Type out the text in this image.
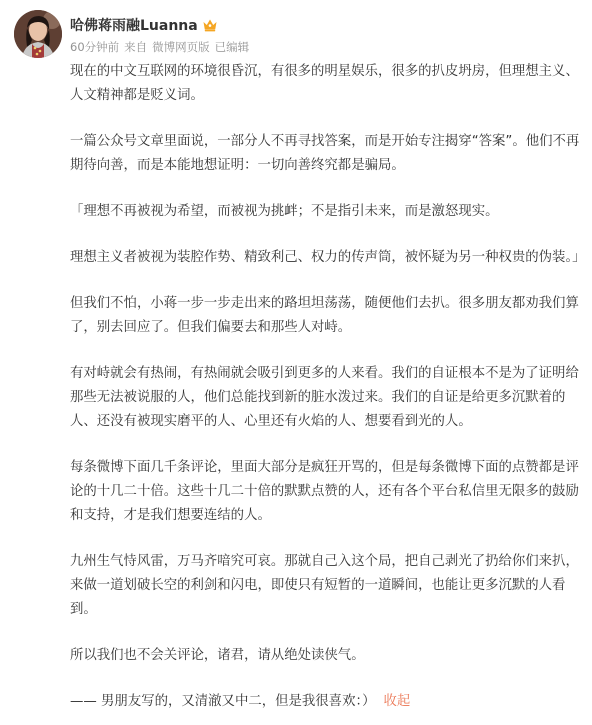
哈佛蒋雨融Luanna
60分钟前 来自 微博网页版 已编辑

现在的中文互联网的环境很昏沉，有很多的明星娱乐，很多的扒皮坍房，但理想主义、人文精神都是贬义词。

一篇公众号文章里面说，一部分人不再寻找答案，而是开始专注揭穿“答案”。他们不再期待向善，而是本能地想证明：一切向善终究都是骗局。

「理想不再被视为希望，而被视为挑衅；不是指引未来，而是激怒现实。

理想主义者被视为装腔作势、精致利己、权力的传声筒，被怀疑为另一种权贵的伪装。」

但我们不怕，小蒋一步一步走出来的路坦坦荡荡，随便他们去扒。很多朋友都劝我们算了，别去回应了。但我们偏要去和那些人对峙。

有对峙就会有热闹，有热闹就会吸引到更多的人来看。我们的自证根本不是为了证明给那些无法被说服的人，他们总能找到新的脏水泼过来。我们的自证是给更多沉默着的人、还没有被现实磨平的人、心里还有火焰的人、想要看到光的人。

每条微博下面几千条评论，里面大部分是疯狂开骂的，但是每条微博下面的点赞都是评论的十几二十倍。这些十几二十倍的默默点赞的人，还有各个平台私信里无限多的鼓励和支持，才是我们想要连结的人。

九州生气恃风雷，万马齐喑究可哀。那就自己入这个局，把自己剥光了扔给你们来扒，来做一道划破长空的利剑和闪电，即使只有短暂的一道瞬间，也能让更多沉默的人看到。

所以我们也不会关评论，诸君，请从绝处读侠气。

—— 男朋友写的，又清澈又中二，但是我很喜欢：） 收起
